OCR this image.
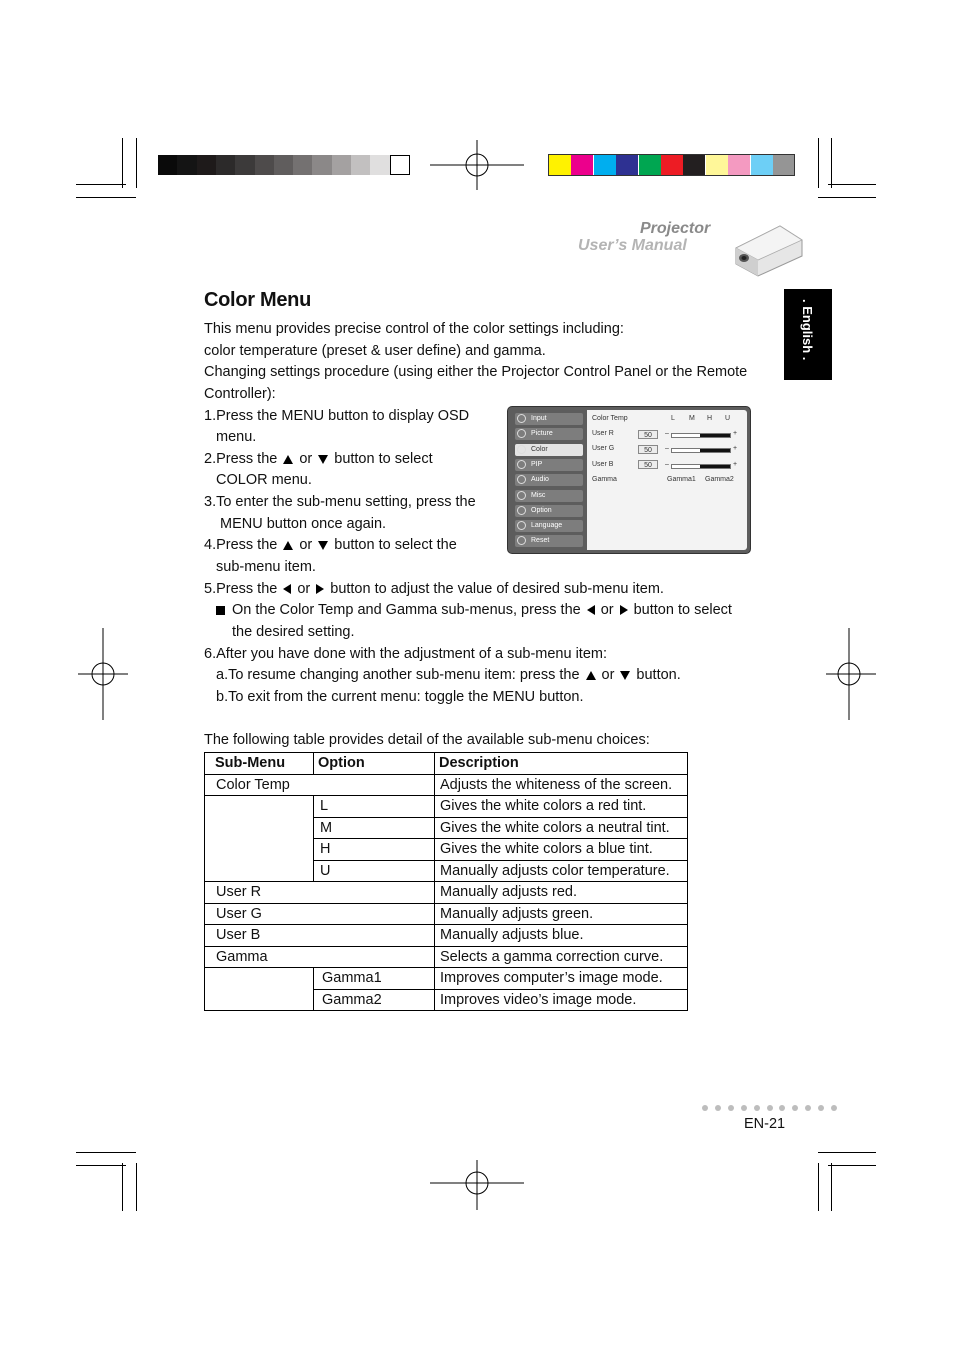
Projector
User’s Manual
. English .
Color Menu
This menu provides precise control of the color settings including:
color temperature (preset & user define) and gamma.
Changing settings procedure (using either the Projector Control Panel or the Remote
Controller):
1.Press the MENU button to display OSD
menu.
2.Press the or button to select
COLOR menu.
3.To enter the sub-menu setting, press the
MENU button once again.
4.Press the or button to select the
sub-menu item.
5.Press the or button to adjust the value of desired sub-menu item.
On the Color Temp and Gamma sub-menus, press the or button to select
the desired setting.
6.After you have done with the adjustment of a sub-menu item:
a.To resume changing another sub-menu item: press the or button.
b.To exit from the current menu: toggle the MENU button.
The following table provides detail of the available sub-menu choices:
Input
Picture
Color
PIP
Audio
Misc
Option
Language
Reset
Color Temp	L M H U
User R	50	–	+
User G	50	–	+
User B	50	–	+
Gamma	Gamma1 Gamma2
Sub-Menu	Option	Description
Color Temp		Adjusts the whiteness of the screen.
	L	Gives the white colors a red tint.
	M	Gives the white colors a neutral tint.
	H	Gives the white colors a blue tint.
	U	Manually adjusts color temperature.
User R		Manually adjusts red.
User G		Manually adjusts green.
User B		Manually adjusts blue.
Gamma		Selects a gamma correction curve.
	Gamma1	Improves computer’s image mode.
	Gamma2	Improves video’s image mode.
EN-21
